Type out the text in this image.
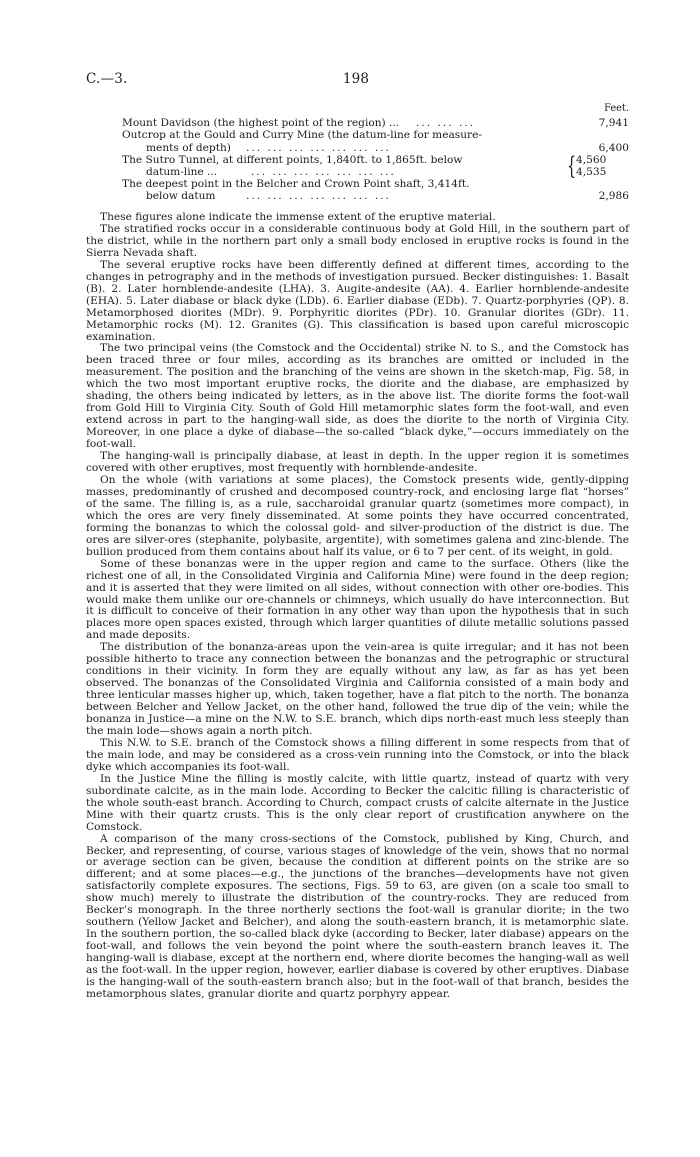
C.—3.	198
Feet.
Mount Davidson (the highest point of the region) ... ... ... ...	7,941
Outcrop at the Gould and Curry Mine (the datum-line for measure-
ments of depth) ... ... ... ... ... ... ...	6,400
The Sutro Tunnel, at different points, 1,840ft. to 1,865ft. below
datum-line ...	... ... ... ... ... ... ...	{ 4,560
4,535
The deepest point in the Belcher and Crown Point shaft, 3,414ft.
below datum	... ... ... ... ... ... ...	2,986

These figures alone indicate the immense extent of the eruptive material.

The stratified rocks occur in a considerable continuous body at Gold Hill, in the southern part of the district, while in the northern part only a small body enclosed in eruptive rocks is found in the Sierra Nevada shaft.

The several eruptive rocks have been differently defined at different times, according to the changes in petrography and in the methods of investigation pursued. Becker distinguishes: 1. Basalt (B). 2. Later hornblende-andesite (LHA). 3. Augite-andesite (AA). 4. Earlier hornblende-andesite (EHA). 5. Later diabase or black dyke (LDb). 6. Earlier diabase (EDb). 7. Quartz-porphyries (QP). 8. Metamorphosed diorites (MDr). 9. Porphyritic diorites (PDr). 10. Granular diorites (GDr). 11. Metamorphic rocks (M). 12. Granites (G). This classification is based upon careful microscopic examination.

The two principal veins (the Comstock and the Occidental) strike N. to S., and the Comstock has been traced three or four miles, according as its branches are omitted or included in the measurement. The position and the branching of the veins are shown in the sketch-map, Fig. 58, in which the two most important eruptive rocks, the diorite and the diabase, are emphasized by shading, the others being indicated by letters, as in the above list. The diorite forms the foot-wall from Gold Hill to Virginia City. South of Gold Hill metamorphic slates form the foot-wall, and even extend across in part to the hanging-wall side, as does the diorite to the north of Virginia City. Moreover, in one place a dyke of diabase—the so-called “black dyke,”—occurs immediately on the foot-wall.

The hanging-wall is principally diabase, at least in depth. In the upper region it is sometimes covered with other eruptives, most frequently with hornblende-andesite.

On the whole (with variations at some places), the Comstock presents wide, gently-dipping masses, predominantly of crushed and decomposed country-rock, and enclosing large flat “horses” of the same. The filling is, as a rule, saccharoidal granular quartz (sometimes more compact), in which the ores are very finely disseminated. At some points they have occurred concentrated, forming the bonanzas to which the colossal gold- and silver-production of the district is due. The ores are silver-ores (stephanite, polybasite, argentite), with sometimes galena and zinc-blende. The bullion produced from them contains about half its value, or 6 to 7 per cent. of its weight, in gold.

Some of these bonanzas were in the upper region and came to the surface. Others (like the richest one of all, in the Consolidated Virginia and California Mine) were found in the deep region; and it is asserted that they were limited on all sides, without connection with other ore-bodies. This would make them unlike our ore-channels or chimneys, which usually do have interconnection. But it is difficult to conceive of their formation in any other way than upon the hypothesis that in such places more open spaces existed, through which larger quantities of dilute metallic solutions passed and made deposits.

The distribution of the bonanza-areas upon the vein-area is quite irregular; and it has not been possible hitherto to trace any connection between the bonanzas and the petrographic or structural conditions in their vicinity. In form they are equally without any law, as far as has yet been observed. The bonanzas of the Consolidated Virginia and California consisted of a main body and three lenticular masses higher up, which, taken together, have a flat pitch to the north. The bonanza between Belcher and Yellow Jacket, on the other hand, followed the true dip of the vein; while the bonanza in Justice—a mine on the N.W. to S.E. branch, which dips north-east much less steeply than the main lode—shows again a north pitch.

This N.W. to S.E. branch of the Comstock shows a filling different in some respects from that of the main lode, and may be considered as a cross-vein running into the Comstock, or into the black dyke which accompanies its foot-wall.

In the Justice Mine the filling is mostly calcite, with little quartz, instead of quartz with very subordinate calcite, as in the main lode. According to Becker the calcitic filling is characteristic of the whole south-east branch. According to Church, compact crusts of calcite alternate in the Justice Mine with their quartz crusts. This is the only clear report of crustification anywhere on the Comstock.

A comparison of the many cross-sections of the Comstock, published by King, Church, and Becker, and representing, of course, various stages of knowledge of the vein, shows that no normal or average section can be given, because the condition at different points on the strike are so different; and at some places—e.g., the junctions of the branches—developments have not given satisfactorily complete exposures. The sections, Figs. 59 to 63, are given (on a scale too small to show much) merely to illustrate the distribution of the country-rocks. They are reduced from Becker’s monograph. In the three northerly sections the foot-wall is granular diorite; in the two southern (Yellow Jacket and Belcher), and along the south-eastern branch, it is metamorphic slate. In the southern portion, the so-called black dyke (according to Becker, later diabase) appears on the foot-wall, and follows the vein beyond the point where the south-eastern branch leaves it. The hanging-wall is diabase, except at the northern end, where diorite becomes the hanging-wall as well as the foot-wall. In the upper region, however, earlier diabase is covered by other eruptives. Diabase is the hanging-wall of the south-eastern branch also; but in the foot-wall of that branch, besides the metamorphous slates, granular diorite and quartz porphyry appear.
